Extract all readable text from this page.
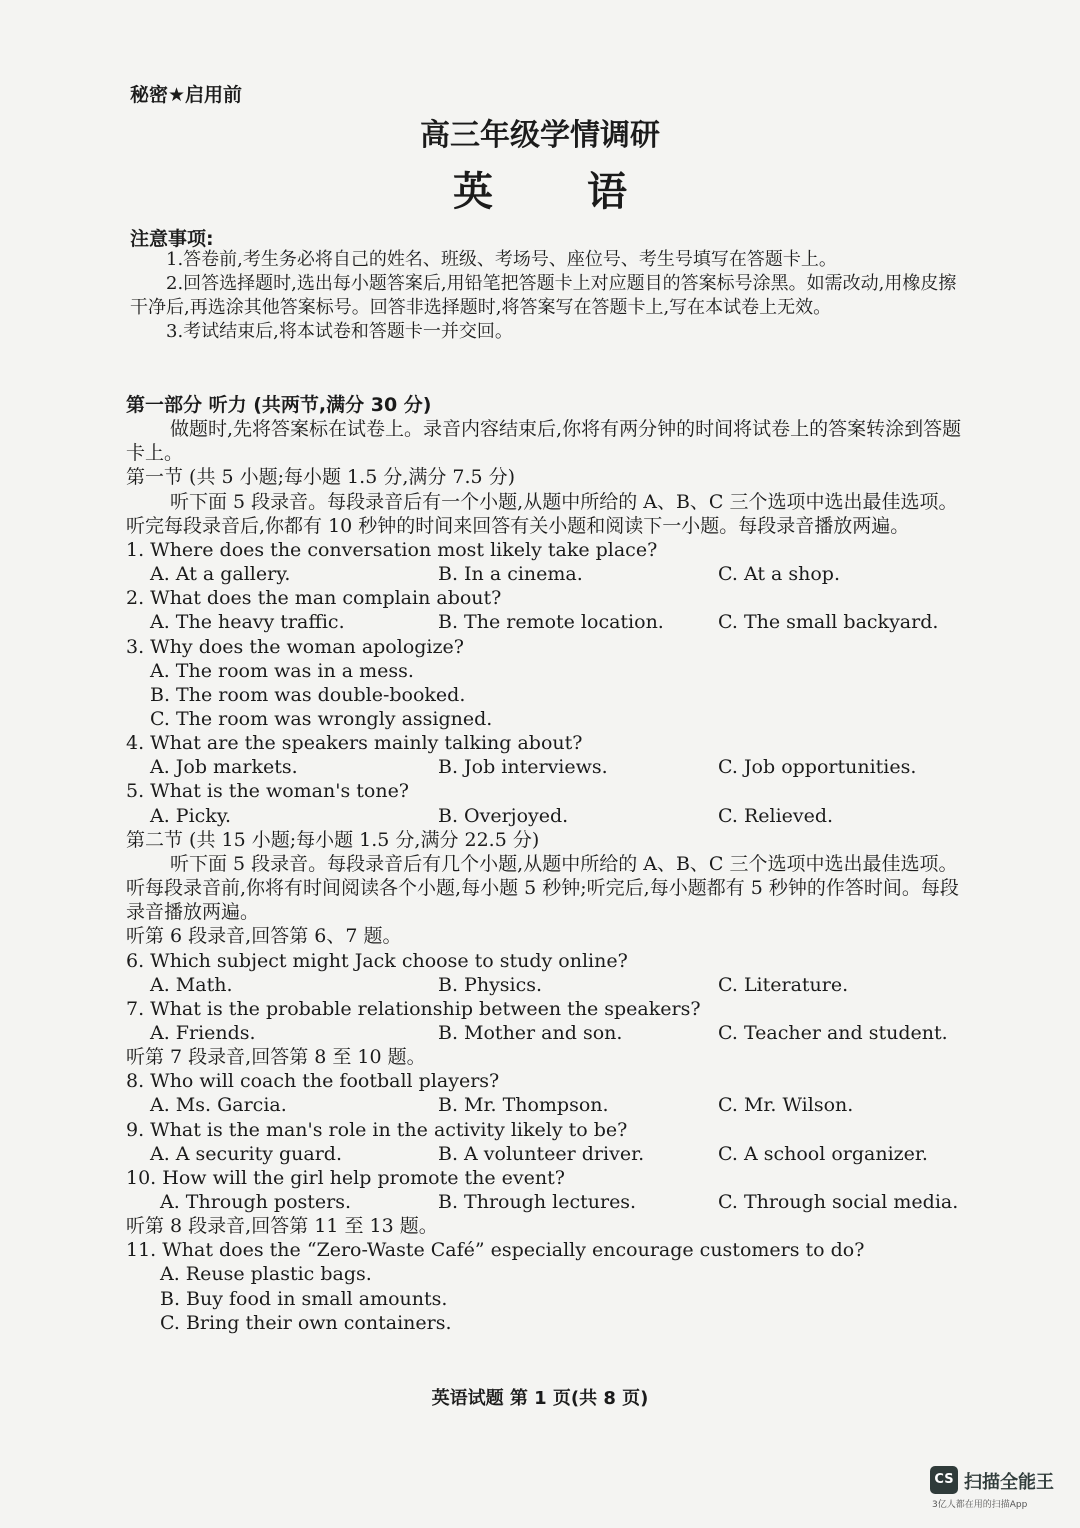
秘密★启用前
高三年级学情调研
英 语
注意事项:

1.答卷前,考生务必将自己的姓名、班级、考场号、座位号、考生号填写在答题卡上。

2.回答选择题时,选出每小题答案后,用铅笔把答题卡上对应题目的答案标号涂黑。如需改动,用橡皮擦干净后,再选涂其他答案标号。回答非选择题时,将答案写在答题卡上,写在本试卷上无效。

3.考试结束后,将本试卷和答题卡一并交回。

第一部分 听力 (共两节,满分 30 分)

做题时,先将答案标在试卷上。录音内容结束后,你将有两分钟的时间将试卷上的答案转涂到答题卡上。

第一节 (共 5 小题;每小题 1.5 分,满分 7.5 分)

听下面 5 段录音。每段录音后有一个小题,从题中所给的 A、B、C 三个选项中选出最佳选项。听完每段录音后,你都有 10 秒钟的时间来回答有关小题和阅读下一小题。每段录音播放两遍。

1. Where does the conversation most likely take place?

A. At a gallery.	B. In a cinema.	C. At a shop.

2. What does the man complain about?

A. The heavy traffic.	B. The remote location.	C. The small backyard.

3. Why does the woman apologize?

A. The room was in a mess.

B. The room was double-booked.

C. The room was wrongly assigned.

4. What are the speakers mainly talking about?

A. Job markets.	B. Job interviews.	C. Job opportunities.

5. What is the woman's tone?

A. Picky.	B. Overjoyed.	C. Relieved.

第二节 (共 15 小题;每小题 1.5 分,满分 22.5 分)

听下面 5 段录音。每段录音后有几个小题,从题中所给的 A、B、C 三个选项中选出最佳选项。听每段录音前,你将有时间阅读各个小题,每小题 5 秒钟;听完后,每小题都有 5 秒钟的作答时间。每段录音播放两遍。

听第 6 段录音,回答第 6、7 题。

6. Which subject might Jack choose to study online?

A. Math.	B. Physics.	C. Literature.

7. What is the probable relationship between the speakers?

A. Friends.	B. Mother and son.	C. Teacher and student.

听第 7 段录音,回答第 8 至 10 题。

8. Who will coach the football players?

A. Ms. Garcia.	B. Mr. Thompson.	C. Mr. Wilson.

9. What is the man's role in the activity likely to be?

A. A security guard.	B. A volunteer driver.	C. A school organizer.

10. How will the girl help promote the event?

A. Through posters.	B. Through lectures.	C. Through social media.

听第 8 段录音,回答第 11 至 13 题。

11. What does the “Zero-Waste Café” especially encourage customers to do?

A. Reuse plastic bags.

B. Buy food in small amounts.

C. Bring their own containers.

英语试题 第 1 页(共 8 页)
CS 扫描全能王
3亿人都在用的扫描App
